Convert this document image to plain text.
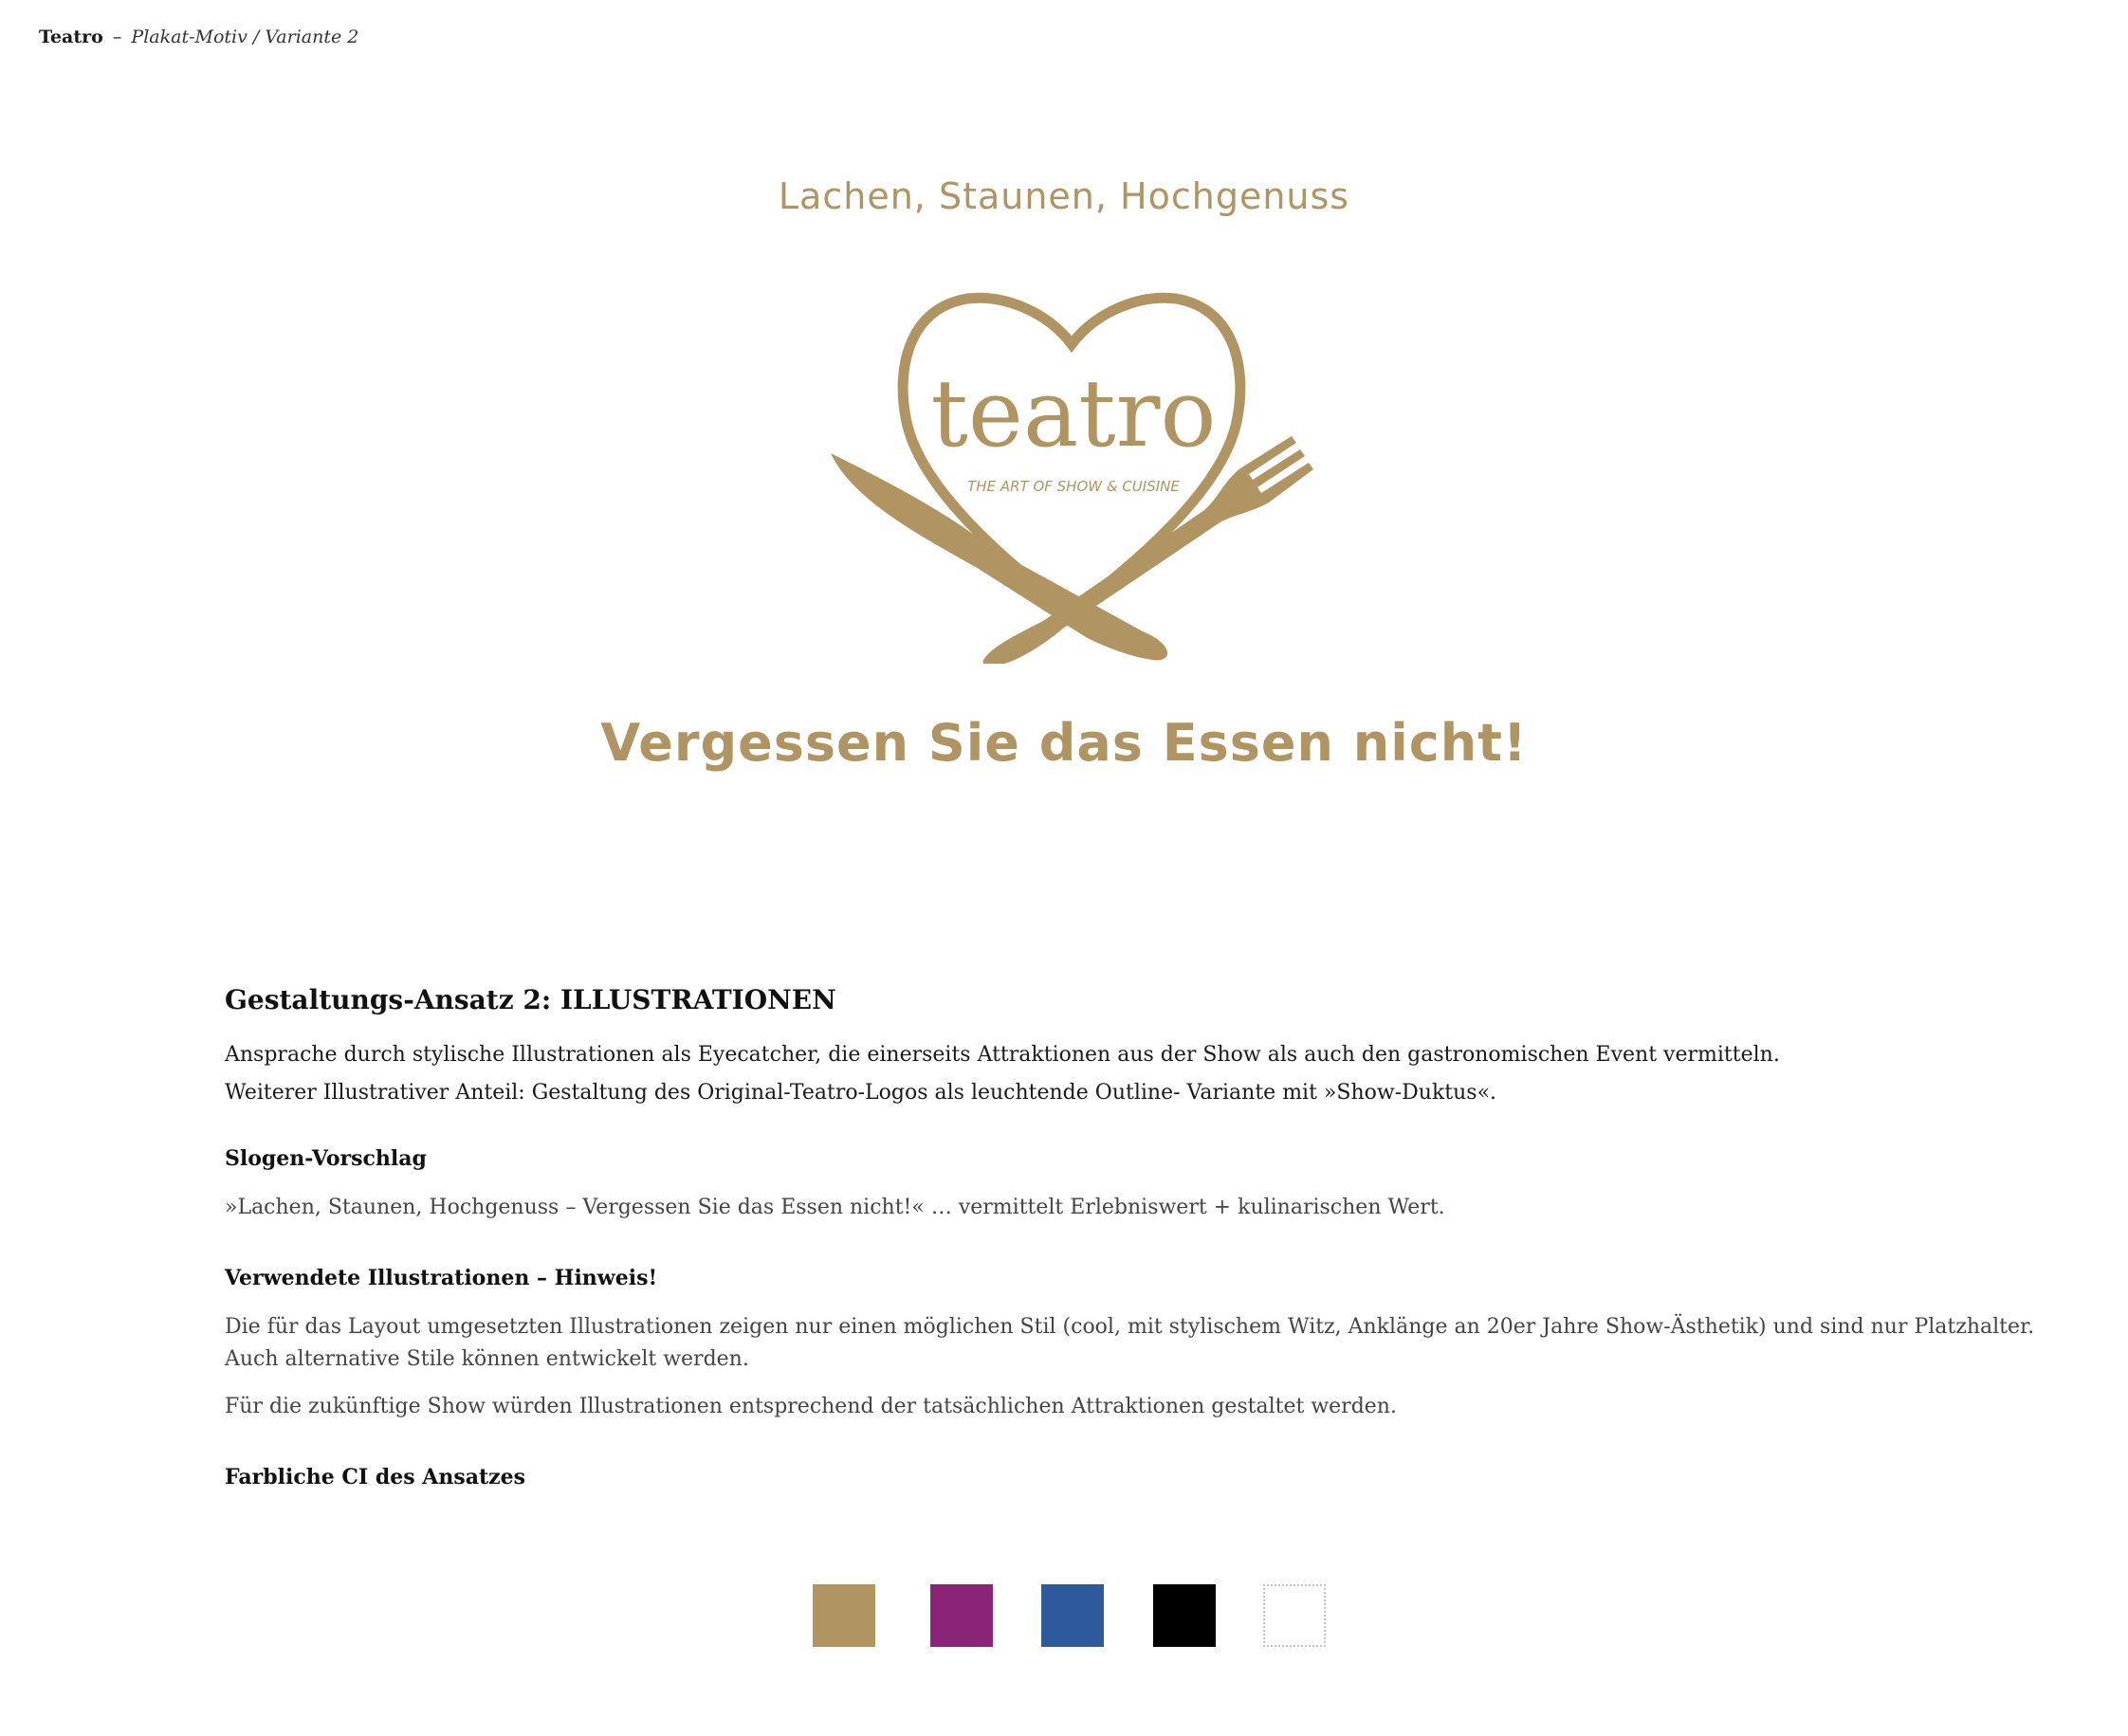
Teatro – Plakat-Motiv / Variante 2
Lachen, Staunen, Hochgenuss
teatro
THE ART OF SHOW & CUISINE
Vergessen Sie das Essen nicht!
Gestaltungs-Ansatz 2: ILLUSTRATIONEN

Ansprache durch stylische Illustrationen als Eyecatcher, die einerseits Attraktionen aus der Show als auch den gastronomischen Event vermitteln.

Weiterer Illustrativer Anteil: Gestaltung des Original-Teatro-Logos als leuchtende Outline- Variante mit »Show-Duktus«.

Slogen-Vorschlag

»Lachen, Staunen, Hochgenuss – Vergessen Sie das Essen nicht!« … vermittelt Erlebniswert + kulinarischen Wert.

Verwendete Illustrationen – Hinweis!

Die für das Layout umgesetzten Illustrationen zeigen nur einen möglichen Stil (cool, mit stylischem Witz, Anklänge an 20er Jahre Show-Ästhetik) und sind nur Platzhalter.

Auch alternative Stile können entwickelt werden.

Für die zukünftige Show würden Illustrationen entsprechend der tatsächlichen Attraktionen gestaltet werden.

Farbliche CI des Ansatzes
